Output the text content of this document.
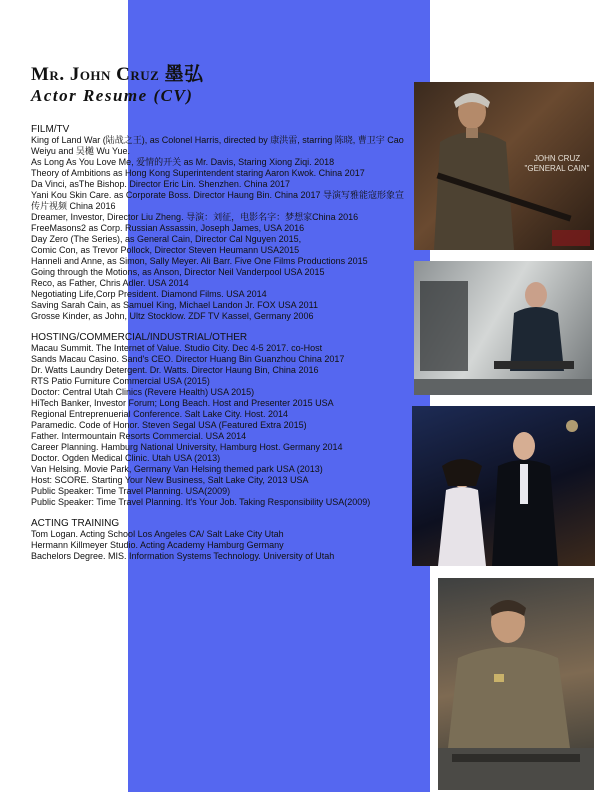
Mr. John Cruz 墨弘
Actor Resume (CV)
FILM/TV
King of Land War (陆战之王), as Colonel Harris, directed by 康洪雷, starring 陈晓, 曹卫宇 Cao Weiyu and 吴樾 Wu Yue.
As Long As You Love Me, 爱情的开关 as Mr. Davis, Staring Xiong Ziqi. 2018
Theory of Ambitions as Hong Kong Superintendent staring Aaron Kwok. China 2017
Da Vinci, asThe Bishop. Director Eric Lin. Shenzhen. China 2017
Yani Kou Skin Care. as Corporate Boss. Director Haung Bin. China 2017 导演写雅能寇形象宣传片视频 China 2016
Dreamer, Investor, Director Liu Zheng. 导演：刘征，电影名字：梦想家China 2016
FreeMasons2 as Corp. Russian Assassin, Joseph James, USA 2016
Day Zero (The Series), as General Cain, Director Cal Nguyen 2015,
Comic Con, as Trevor Pollock, Director Steven Heumann USA2015
Hanneli and Anne, as Simon, Sally Meyer. Ali Barr. Five One Films Productions 2015
Going through the Motions, as Anson, Director Neil Vanderpool USA 2015
Reco, as Father, Chris Adler. USA 2014
Negotiating Life,Corp President. Diamond Films. USA 2014
Saving Sarah Cain, as Samuel King, Michael Landon Jr. FOX USA 2011
Grosse Kinder, as John, Ultz Stocklow. ZDF TV Kassel, Germany 2006
HOSTING/COMMERCIAL/INDUSTRIAL/OTHER
Macau Summit. The Internet of Value. Studio City. Dec 4-5 2017. co-Host
Sands Macau Casino. Sand's CEO. Director Huang Bin Guanzhou China 2017
Dr. Watts Laundry Detergent. Dr. Watts. Director Haung Bin, China 2016
RTS Patio Furniture Commercial USA (2015)
Doctor: Central Utah Clinics (Revere Health) USA 2015)
HiTech Banker, Investor Forum; Long Beach. Host and Presenter 2015 USA
Regional Entreprenuerial Conference. Salt Lake City. Host. 2014
Paramedic. Code of Honor. Steven Segal USA (Featured Extra 2015)
Father. Intermountain Resorts Commercial. USA 2014
Career Planning. Hamburg National University, Hamburg Host. Germany 2014
Doctor. Ogden Medical Clinic. Utah USA (2013)
Van Helsing. Movie Park, Germany Van Helsing themed park USA (2013)
Host: SCORE. Starting Your New Business, Salt Lake City, 2013 USA
Public Speaker: Time Travel Planning. USA(2009)
Public Speaker: Time Travel Planning. It's Your Job. Taking Responsibility USA(2009)
ACTING TRAINING
Tom Logan. Acting School Los Angeles CA/ Salt Lake City Utah
Hermann Killmeyer Studio. Acting Academy Hamburg Germany
Bachelors Degree. MIS. Information Systems Technology. University of Utah
JOHN CRUZ "GENERAL CAIN"
